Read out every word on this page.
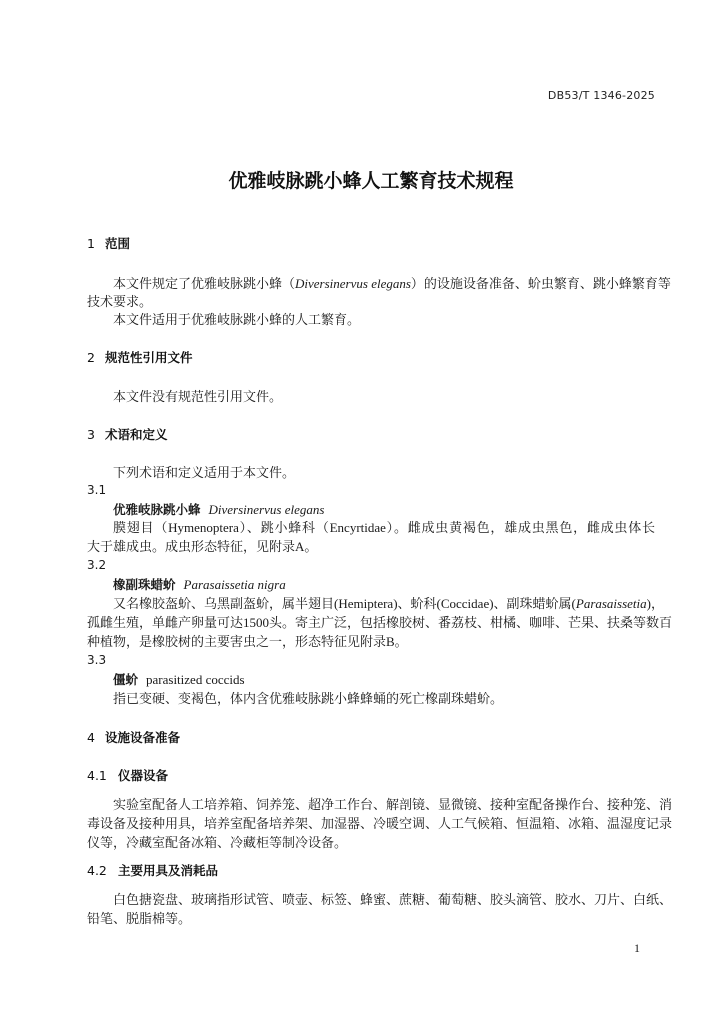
DB53/T 1346-2025
优雅岐脉跳小蜂人工繁育技术规程
1
1 范围
本文件规定了优雅岐脉跳小蜂（Diversinervus elegans）的设施设备准备、蚧虫繁育、跳小蜂繁育等
技术要求。
本文件适用于优雅岐脉跳小蜂的人工繁育。
2 规范性引用文件
本文件没有规范性引用文件。
3 术语和定义
下列术语和定义适用于本文件。
3.1
优雅岐脉跳小蜂 Diversinervus elegans
膜翅目（Hymenoptera）、跳小蜂科（Encyrtidae）。雌成虫黄褐色，雄成虫黑色，雌成虫体长
大于雄成虫。成虫形态特征，见附录A。
3.2
橡副珠蜡蚧 Parasaissetia nigra
又名橡胶盔蚧、乌黑副盔蚧，属半翅目(Hemiptera)、蚧科(Coccidae)、副珠蜡蚧属(Parasaissetia)，
孤雌生殖，单雌产卵量可达1500头。寄主广泛，包括橡胶树、番荔枝、柑橘、咖啡、芒果、扶桑等数百
种植物，是橡胶树的主要害虫之一，形态特征见附录B。
3.3
僵蚧 parasitized coccids
指已变硬、变褐色，体内含优雅岐脉跳小蜂蜂蛹的死亡橡副珠蜡蚧。
4 设施设备准备
4.1 仪器设备
实验室配备人工培养箱、饲养笼、超净工作台、解剖镜、显微镜、接种室配备操作台、接种笼、消
毒设备及接种用具，培养室配备培养架、加湿器、冷暖空调、人工气候箱、恒温箱、冰箱、温湿度记录
仪等，冷藏室配备冰箱、冷藏柜等制冷设备。
4.2 主要用具及消耗品
白色搪瓷盘、玻璃指形试管、喷壶、标签、蜂蜜、蔗糖、葡萄糖、胶头滴管、胶水、刀片、白纸、
铅笔、脱脂棉等。
